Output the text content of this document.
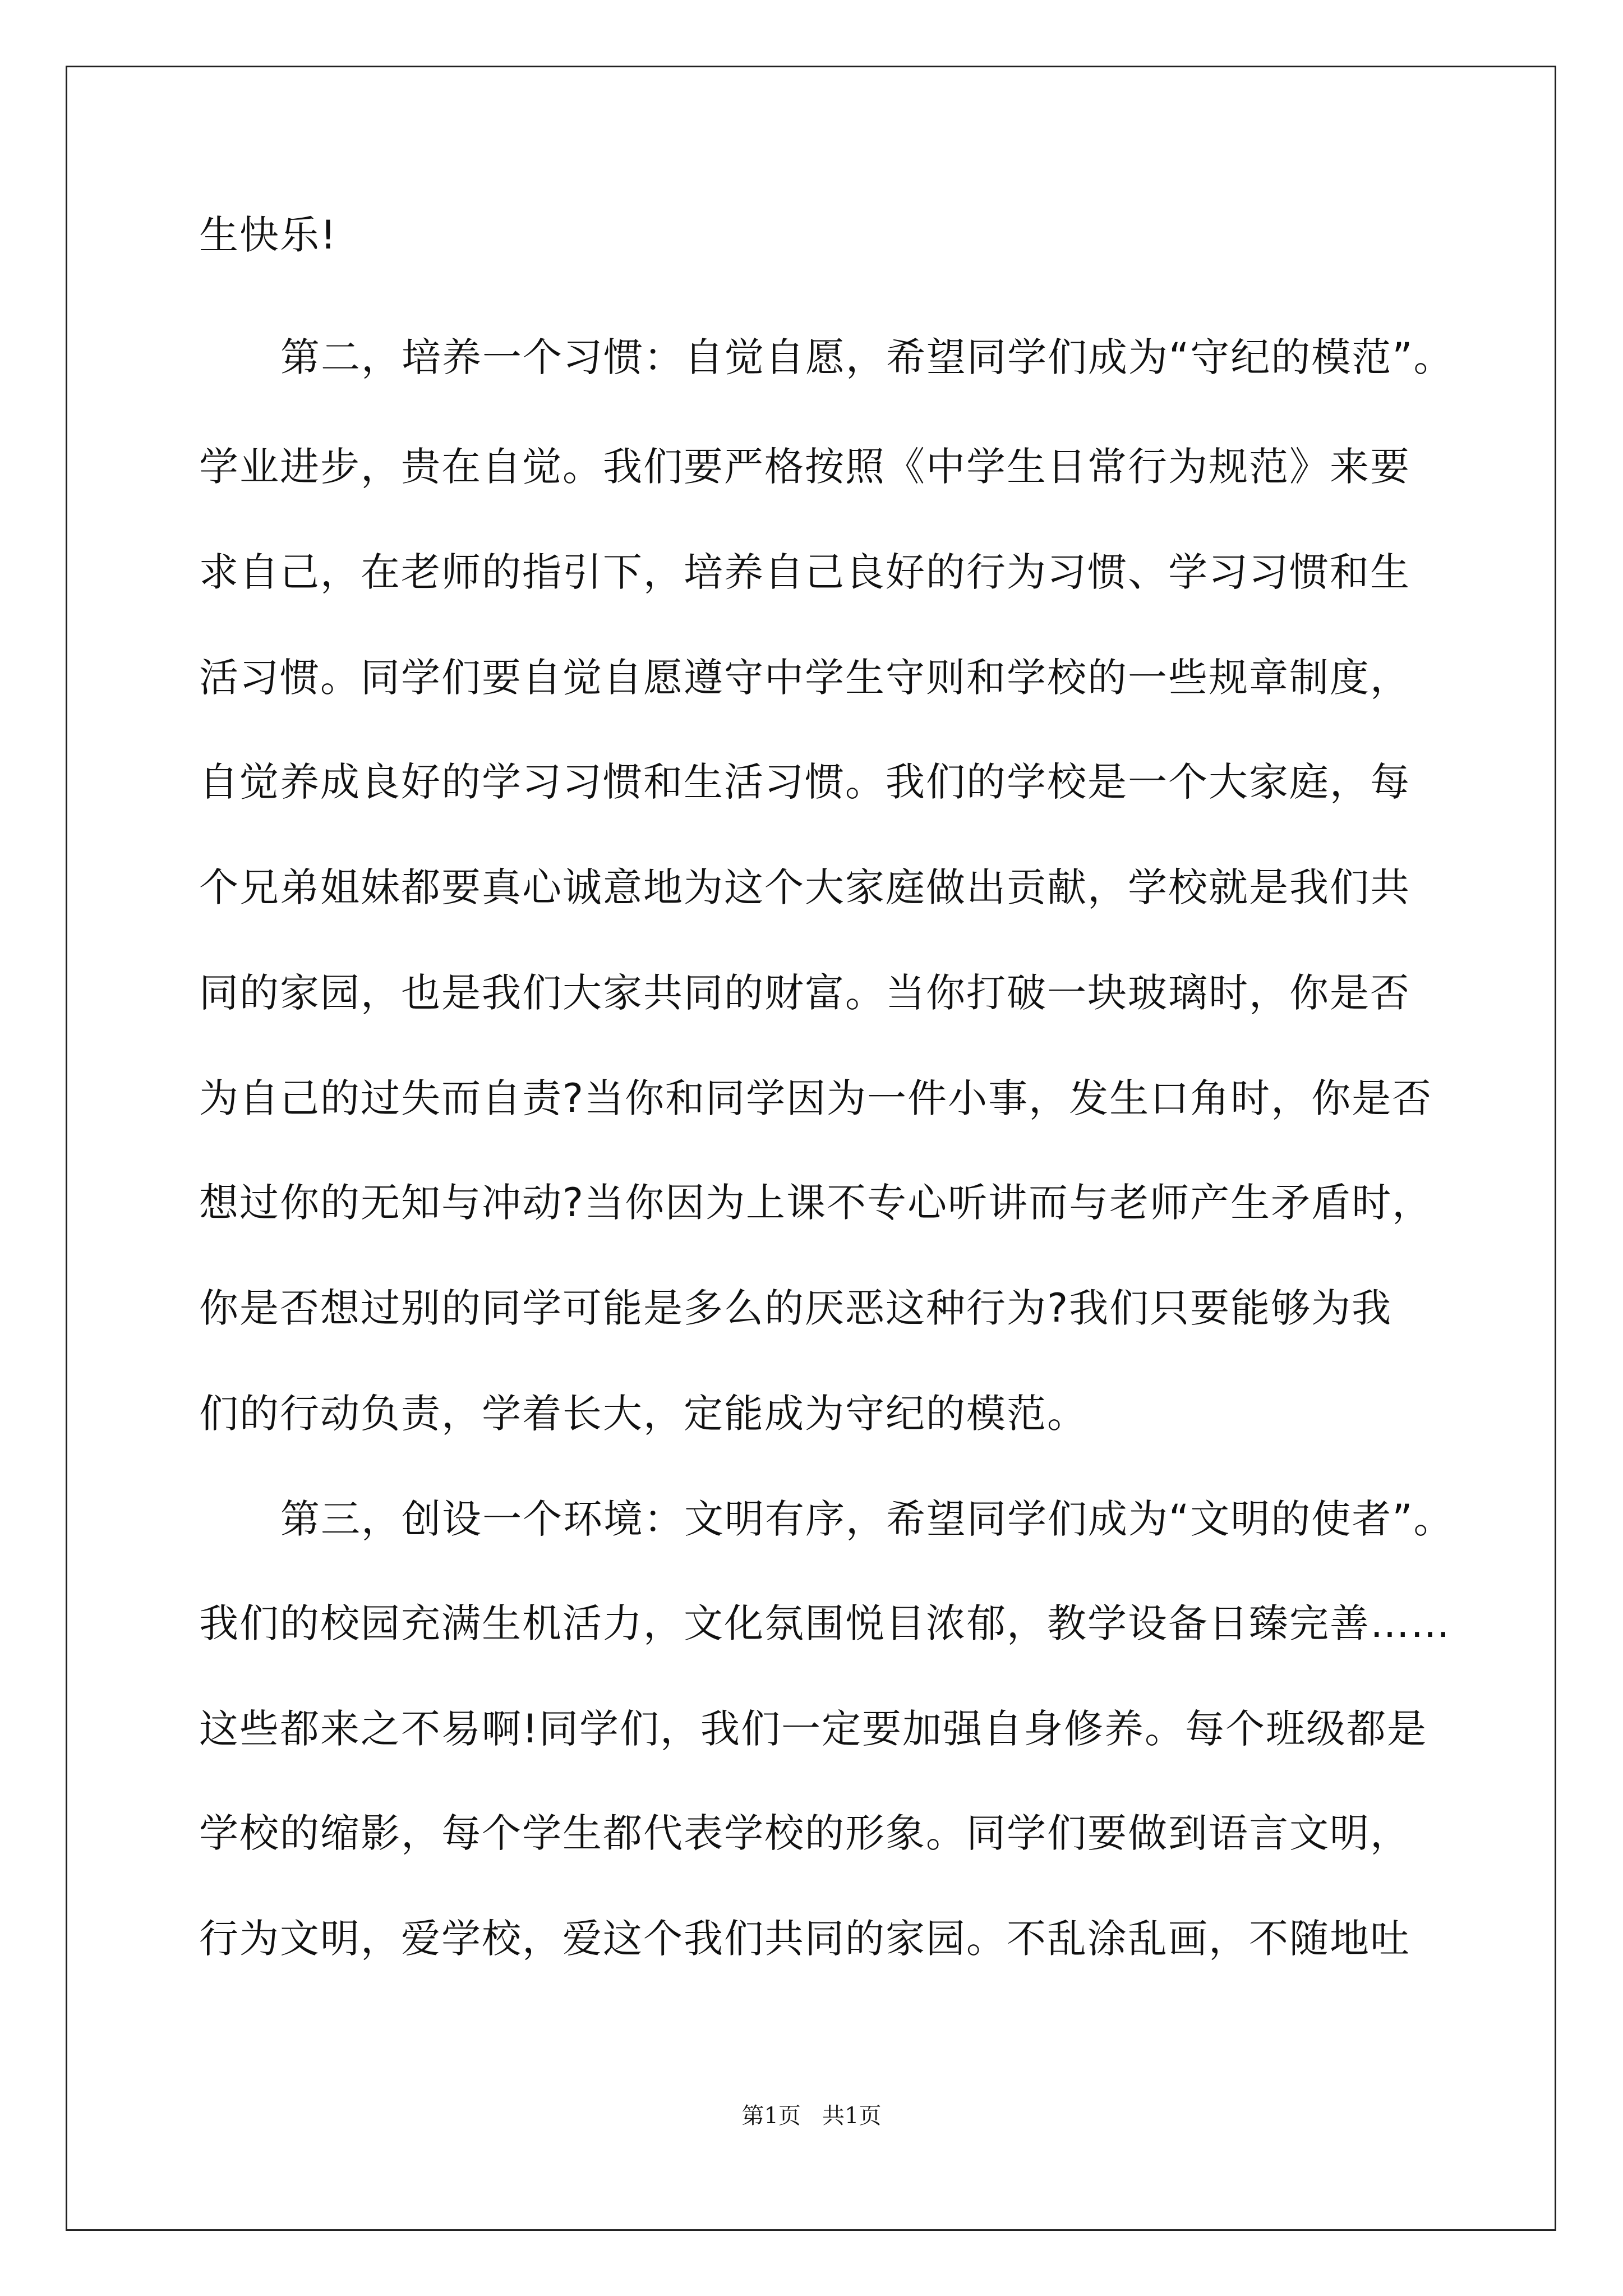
生快乐!
第二，培养一个习惯：自觉自愿，希望同学们成为“守纪的模范”。
学业进步，贵在自觉。我们要严格按照《中学生日常行为规范》来要
求自己，在老师的指引下，培养自己良好的行为习惯、学习习惯和生
活习惯。同学们要自觉自愿遵守中学生守则和学校的一些规章制度，
自觉养成良好的学习习惯和生活习惯。我们的学校是一个大家庭，每
个兄弟姐妹都要真心诚意地为这个大家庭做出贡献，学校就是我们共
同的家园，也是我们大家共同的财富。当你打破一块玻璃时，你是否
为自己的过失而自责?当你和同学因为一件小事，发生口角时，你是否
想过你的无知与冲动?当你因为上课不专心听讲而与老师产生矛盾时，
你是否想过别的同学可能是多么的厌恶这种行为?我们只要能够为我
们的行动负责，学着长大，定能成为守纪的模范。
第三，创设一个环境：文明有序，希望同学们成为“文明的使者”。
我们的校园充满生机活力，文化氛围悦目浓郁，教学设备日臻完善……
这些都来之不易啊!同学们，我们一定要加强自身修养。每个班级都是
学校的缩影，每个学生都代表学校的形象。同学们要做到语言文明，
行为文明，爱学校，爱这个我们共同的家园。不乱涂乱画，不随地吐
第1页   共1页
